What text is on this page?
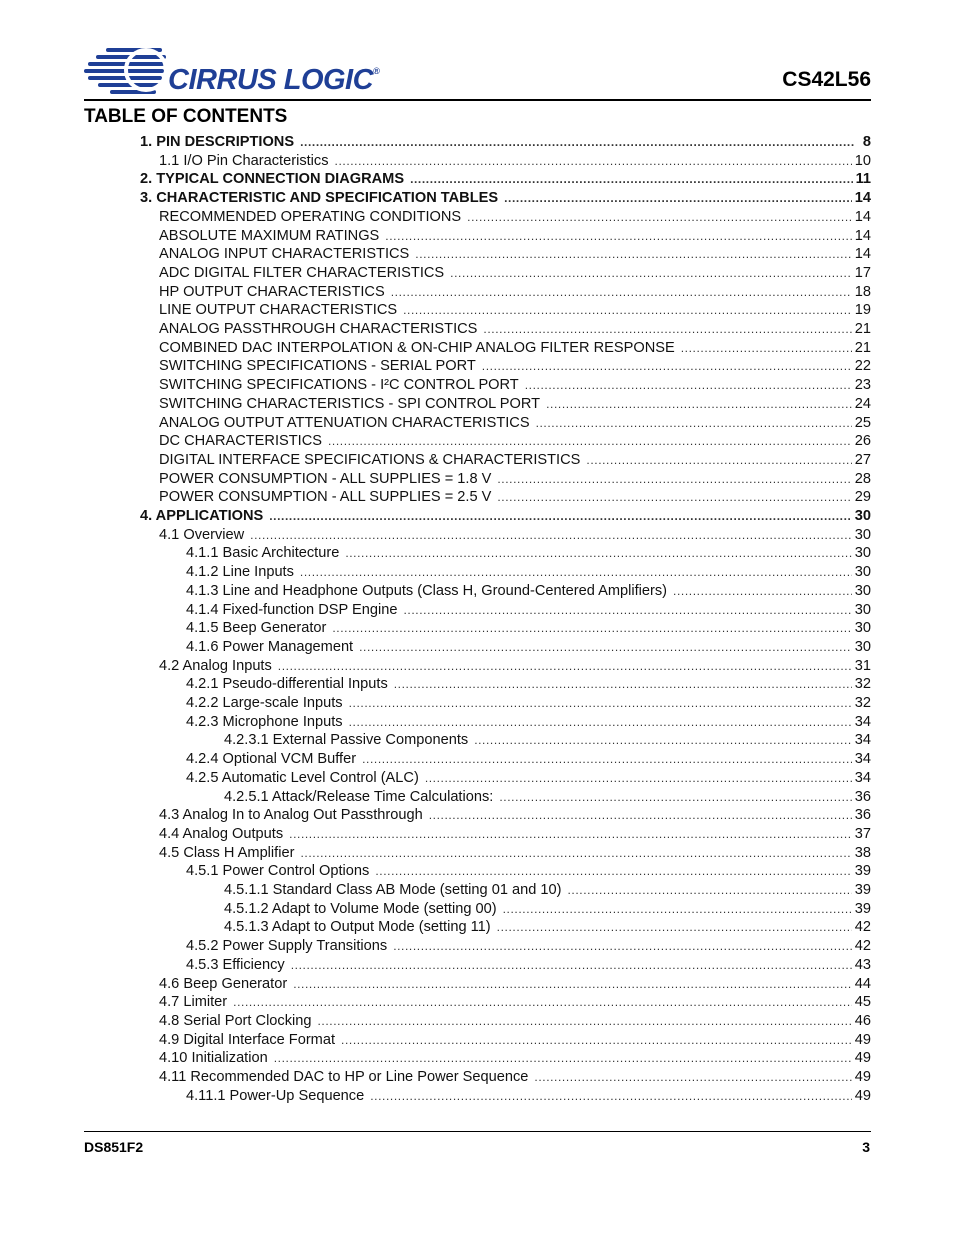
CIRRUS LOGIC®	CS42L56
TABLE OF CONTENTS
1. PIN DESCRIPTIONS .....	8
1.1 I/O Pin Characteristics .....	10
2. TYPICAL CONNECTION DIAGRAMS .....	11
3. CHARACTERISTIC AND SPECIFICATION TABLES .....	14
RECOMMENDED OPERATING CONDITIONS .....	14
ABSOLUTE MAXIMUM RATINGS .....	14
ANALOG INPUT CHARACTERISTICS .....	14
ADC DIGITAL FILTER CHARACTERISTICS .....	17
HP OUTPUT CHARACTERISTICS .....	18
LINE OUTPUT CHARACTERISTICS .....	19
ANALOG PASSTHROUGH CHARACTERISTICS .....	21
COMBINED DAC INTERPOLATION & ON-CHIP ANALOG FILTER RESPONSE .....	21
SWITCHING SPECIFICATIONS - SERIAL PORT .....	22
SWITCHING SPECIFICATIONS - I²C CONTROL PORT .....	23
SWITCHING CHARACTERISTICS - SPI CONTROL PORT .....	24
ANALOG OUTPUT ATTENUATION CHARACTERISTICS .....	25
DC CHARACTERISTICS .....	26
DIGITAL INTERFACE SPECIFICATIONS & CHARACTERISTICS .....	27
POWER CONSUMPTION - ALL SUPPLIES = 1.8 V .....	28
POWER CONSUMPTION - ALL SUPPLIES = 2.5 V .....	29
4. APPLICATIONS .....	30
4.1 Overview .....	30
4.1.1 Basic Architecture .....	30
4.1.2 Line Inputs .....	30
4.1.3 Line and Headphone Outputs (Class H, Ground-Centered Amplifiers) .....	30
4.1.4 Fixed-function DSP Engine .....	30
4.1.5 Beep Generator .....	30
4.1.6 Power Management .....	30
4.2 Analog Inputs .....	31
4.2.1 Pseudo-differential Inputs .....	32
4.2.2 Large-scale Inputs .....	32
4.2.3 Microphone Inputs .....	34
4.2.3.1 External Passive Components .....	34
4.2.4 Optional VCM Buffer .....	34
4.2.5 Automatic Level Control (ALC) .....	34
4.2.5.1 Attack/Release Time Calculations: .....	36
4.3 Analog In to Analog Out Passthrough .....	36
4.4 Analog Outputs .....	37
4.5 Class H Amplifier .....	38
4.5.1 Power Control Options .....	39
4.5.1.1 Standard Class AB Mode (setting 01 and 10) .....	39
4.5.1.2 Adapt to Volume Mode (setting 00) .....	39
4.5.1.3 Adapt to Output Mode (setting 11) .....	42
4.5.2 Power Supply Transitions .....	42
4.5.3 Efficiency .....	43
4.6 Beep Generator .....	44
4.7 Limiter .....	45
4.8 Serial Port Clocking .....	46
4.9 Digital Interface Format .....	49
4.10 Initialization .....	49
4.11 Recommended DAC to HP or Line Power Sequence .....	49
4.11.1 Power-Up Sequence .....	49
DS851F2	3
